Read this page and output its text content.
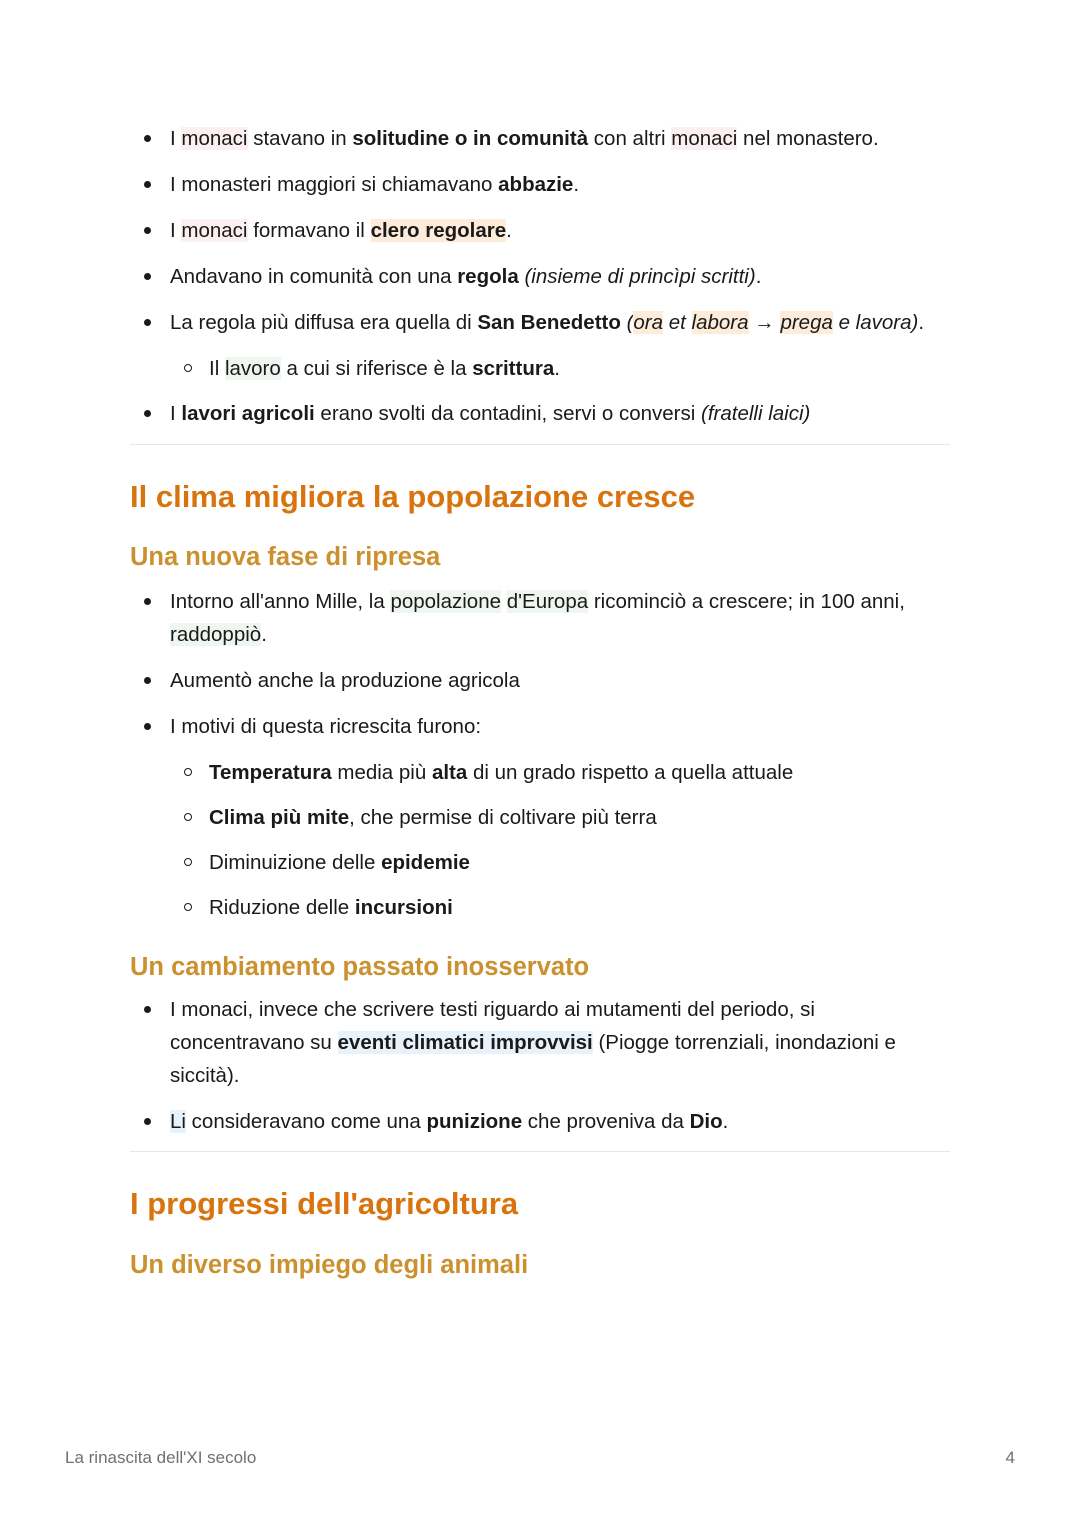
I monaci stavano in solitudine o in comunità con altri monaci nel monastero.
I monasteri maggiori si chiamavano abbazie.
I monaci formavano il clero regolare.
Andavano in comunità con una regola (insieme di princìpi scritti).
La regola più diffusa era quella di San Benedetto (ora et labora → prega e lavora).
Il lavoro a cui si riferisce è la scrittura.
I lavori agricoli erano svolti da contadini, servi o conversi (fratelli laici)
Il clima migliora la popolazione cresce
Una nuova fase di ripresa
Intorno all'anno Mille, la popolazione d'Europa ricominciò a crescere; in 100 anni, raddoppiò.
Aumentò anche la produzione agricola
I motivi di questa ricrescita furono:
Temperatura media più alta di un grado rispetto a quella attuale
Clima più mite, che permise di coltivare più terra
Diminuizione delle epidemie
Riduzione delle incursioni
Un cambiamento passato inosservato
I monaci, invece che scrivere testi riguardo ai mutamenti del periodo, si concentravano su eventi climatici improvvisi (Piogge torrenziali, inondazioni e siccità).
Li consideravano come una punizione che proveniva da Dio.
I progressi dell'agricoltura
Un diverso impiego degli animali
La rinascita dell'XI secolo	4
